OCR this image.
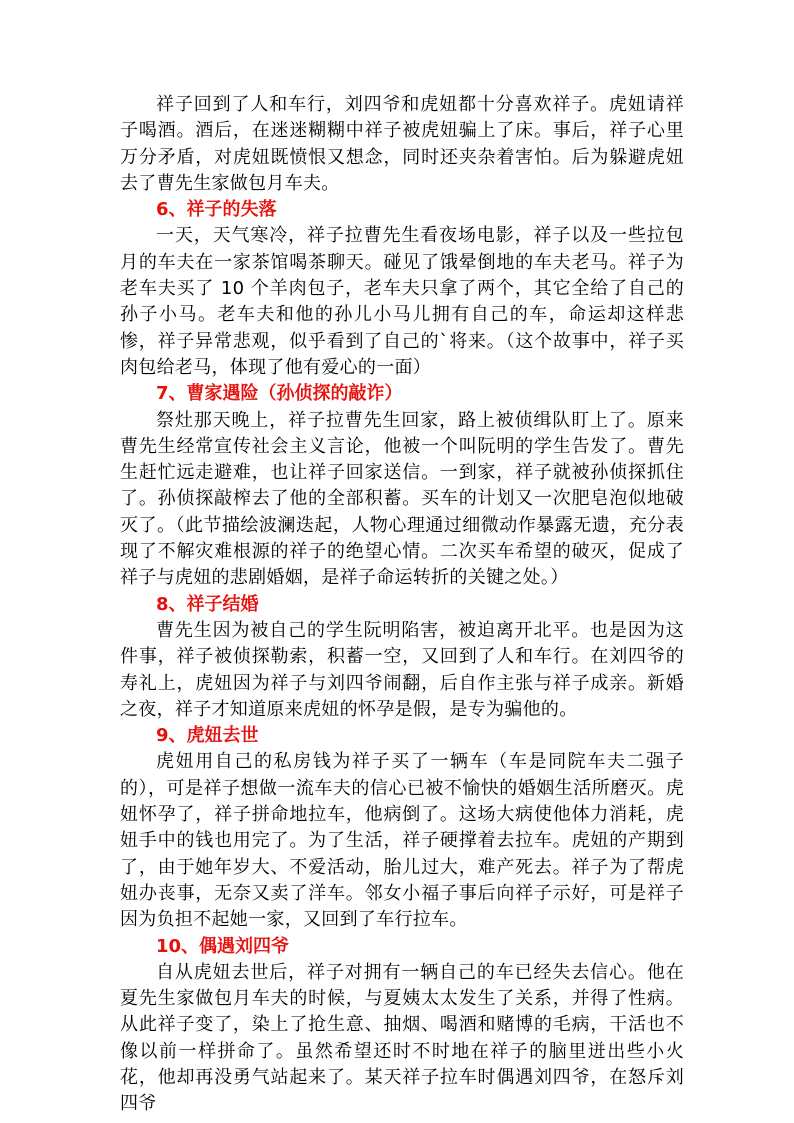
祥子回到了人和车行，刘四爷和虎妞都十分喜欢祥子。虎妞请祥子喝酒。酒后，在迷迷糊糊中祥子被虎妞骗上了床。事后，祥子心里万分矛盾，对虎妞既愤恨又想念，同时还夹杂着害怕。后为躲避虎妞去了曹先生家做包月车夫。

6、祥子的失落

一天，天气寒冷，祥子拉曹先生看夜场电影，祥子以及一些拉包月的车夫在一家茶馆喝茶聊天。碰见了饿晕倒地的车夫老马。祥子为老车夫买了 10 个羊肉包子，老车夫只拿了两个，其它全给了自己的孙子小马。老车夫和他的孙儿小马儿拥有自己的车，命运却这样悲惨，祥子异常悲观，似乎看到了自己的`将来。（这个故事中，祥子买肉包给老马，体现了他有爱心的一面）

7、曹家遇险（孙侦探的敲诈）

祭灶那天晚上，祥子拉曹先生回家，路上被侦缉队盯上了。原来曹先生经常宣传社会主义言论，他被一个叫阮明的学生告发了。曹先生赶忙远走避难，也让祥子回家送信。一到家，祥子就被孙侦探抓住了。孙侦探敲榨去了他的全部积蓄。买车的计划又一次肥皂泡似地破灭了。（此节描绘波澜迭起，人物心理通过细微动作暴露无遗，充分表现了不解灾难根源的祥子的绝望心情。二次买车希望的破灭，促成了祥子与虎妞的悲剧婚姻，是祥子命运转折的关键之处。）

8、祥子结婚

曹先生因为被自己的学生阮明陷害，被迫离开北平。也是因为这件事，祥子被侦探勒索，积蓄一空，又回到了人和车行。在刘四爷的寿礼上，虎妞因为祥子与刘四爷闹翻，后自作主张与祥子成亲。新婚之夜，祥子才知道原来虎妞的怀孕是假，是专为骗他的。

9、虎妞去世

虎妞用自己的私房钱为祥子买了一辆车（车是同院车夫二强子的），可是祥子想做一流车夫的信心已被不愉快的婚姻生活所磨灭。虎妞怀孕了，祥子拼命地拉车，他病倒了。这场大病使他体力消耗，虎妞手中的钱也用完了。为了生活，祥子硬撑着去拉车。虎妞的产期到了，由于她年岁大、不爱活动，胎儿过大，难产死去。祥子为了帮虎妞办丧事，无奈又卖了洋车。邻女小福子事后向祥子示好，可是祥子因为负担不起她一家，又回到了车行拉车。

10、偶遇刘四爷

自从虎妞去世后，祥子对拥有一辆自己的车已经失去信心。他在夏先生家做包月车夫的时候，与夏姨太太发生了关系，并得了性病。从此祥子变了，染上了抢生意、抽烟、喝酒和赌博的毛病，干活也不像以前一样拼命了。虽然希望还时不时地在祥子的脑里迸出些小火花，他却再没勇气站起来了。某天祥子拉车时偶遇刘四爷，在怒斥刘四爷
